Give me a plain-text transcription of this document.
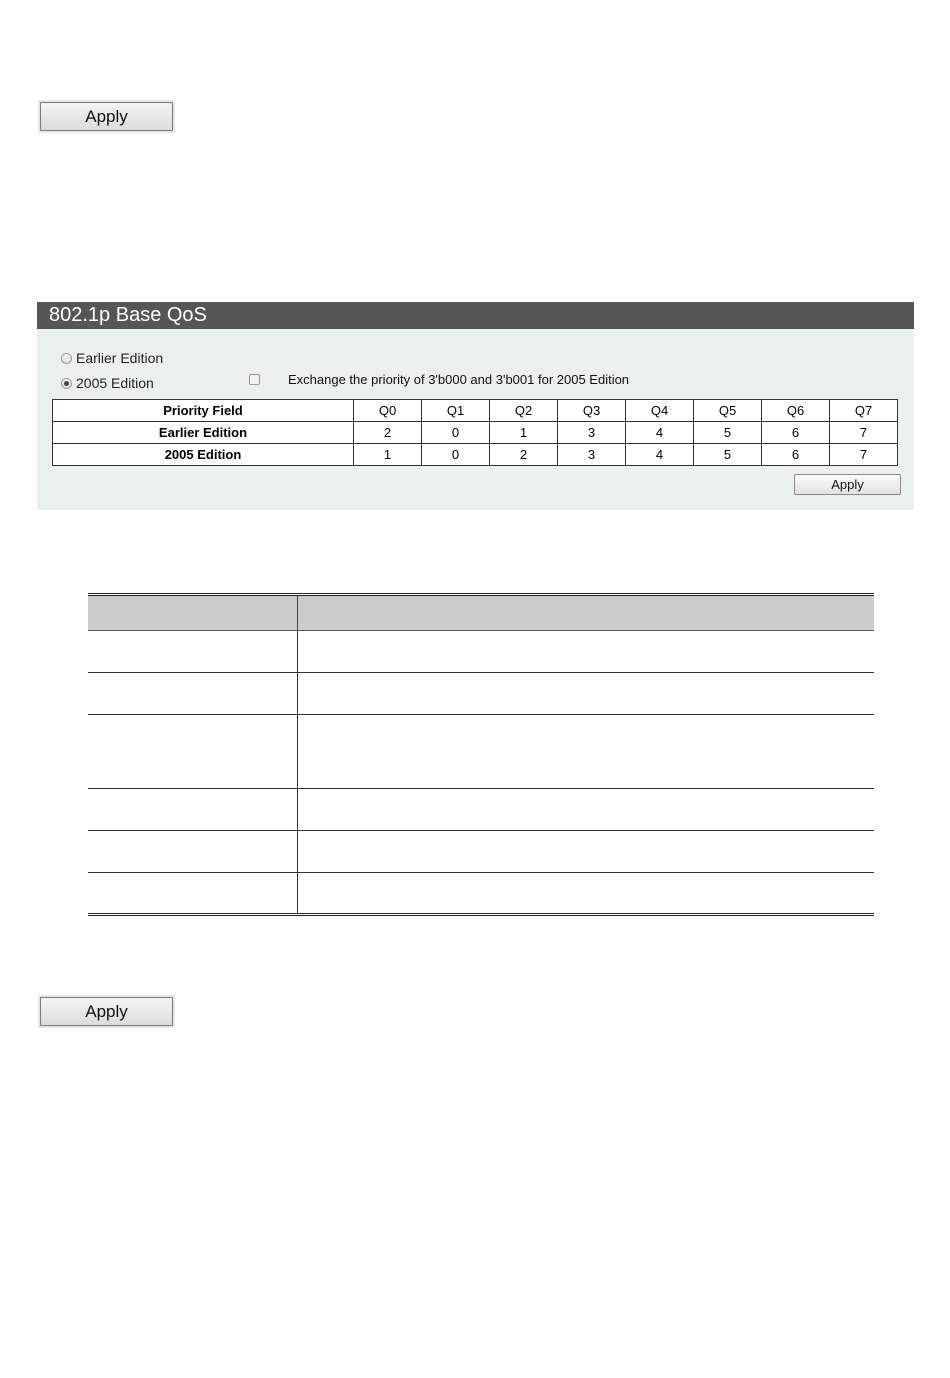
Apply
802.1p Base QoS
Earlier Edition
2005 Edition	Exchange the priority of 3'b000 and 3'b001 for 2005 Edition
Priority Field	Q0	Q1	Q2	Q3	Q4	Q5	Q6	Q7
Earlier Edition	2	0	1	3	4	5	6	7
2005 Edition	1	0	2	3	4	5	6	7
Apply

Apply
